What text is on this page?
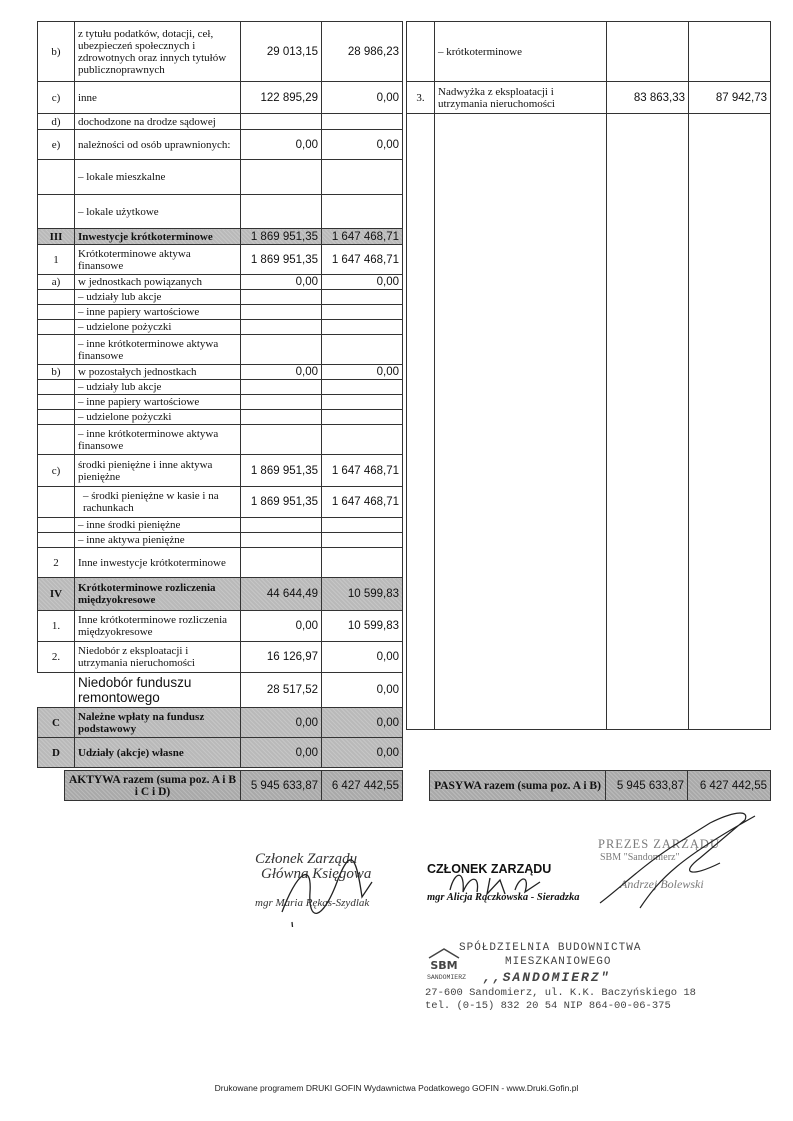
b)	z tytułu podatków, dotacji, ceł, ubezpieczeń społecznych i zdrowotnych oraz innych tytułów publicznoprawnych	29 013,15	28 986,23
c)	inne	122 895,29	0,00
d)	dochodzone na drodze sądowej		
e)	należności od osób uprawnionych:	0,00	0,00
	– lokale mieszkalne		
	– lokale użytkowe		
III	Inwestycje krótkoterminowe	1 869 951,35	1 647 468,71
1	Krótkoterminowe aktywa finansowe	1 869 951,35	1 647 468,71
a)	w jednostkach powiązanych	0,00	0,00
	– udziały lub akcje		
	– inne papiery wartościowe		
	– udzielone pożyczki		
	– inne krótkoterminowe aktywa finansowe		
b)	w pozostałych jednostkach	0,00	0,00
	– udziały lub akcje		
	– inne papiery wartościowe		
	– udzielone pożyczki		
	– inne krótkoterminowe aktywa finansowe		
c)	środki pieniężne i inne aktywa pieniężne	1 869 951,35	1 647 468,71
	– środki pieniężne w kasie i na rachunkach	1 869 951,35	1 647 468,71
	– inne środki pieniężne		
	– inne aktywa pieniężne		
2	Inne inwestycje krótkoterminowe		
IV	Krótkoterminowe rozliczenia międzyokresowe	44 644,49	10 599,83
1.	Inne krótkoterminowe rozliczenia międzyokresowe	0,00	10 599,83
2.	Niedobór z eksploatacji i utrzymania nieruchomości	16 126,97	0,00
	Niedobór funduszu remontowego	28 517,52	0,00
C	Należne wpłaty na fundusz podstawowy	0,00	0,00
D	Udziały (akcje) własne	0,00	0,00
AKTYWA razem (suma poz. A i B i C i D)	5 945 633,87	6 427 442,55
	– krótkoterminowe		
3.	Nadwyżka z eksploatacji i utrzymania nieruchomości	83 863,33	87 942,73

PASYWA razem (suma poz. A i B)	5 945 633,87	6 427 442,55
Członek Zarządu
Główna Księgowa
mgr Maria Rękas-Szydlak
CZŁONEK ZARZĄDU
mgr Alicja Rączkowska - Sieradzka
PREZES ZARZĄDU
SBM "Sandomierz"
Andrzej Bolewski
SBM
SPÓŁDZIELNIA BUDOWNICTWA
MIESZKANIOWEGO
SANDOMIERZ ,,SANDOMIERZ"
27-600 Sandomierz, ul. K.K. Baczyńskiego 18
tel. (0-15) 832 20 54 NIP 864-00-06-375
Drukowane programem DRUKI GOFIN Wydawnictwa Podatkowego GOFIN - www.Druki.Gofin.pl
